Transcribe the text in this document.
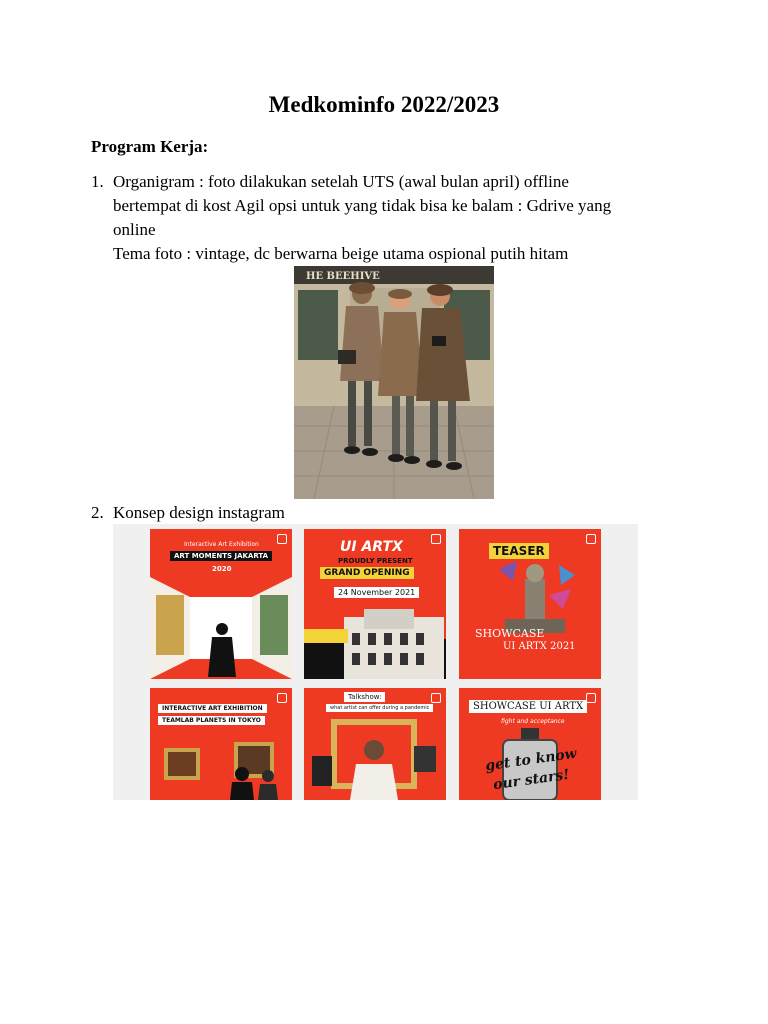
Medkominfo 2022/2023
Program Kerja:
1. Organigram : foto dilakukan setelah UTS (awal bulan april) offline
bertempat di kost Agil opsi untuk yang tidak bisa ke balam : Gdrive yang
online
Tema foto : vintage, dc berwarna beige utama ospional putih hitam
HE BEEHIVE
2. Konsep design instagram
Interactive Art Exhibition
ART MOMENTS JAKARTA
2020
UI ARTX
PROUDLY PRESENT
GRAND OPENING
24 November 2021
TEASER
SHOWCASE
UI ARTX 2021
INTERACTIVE ART EXHIBITION
TEAMLAB PLANETS IN TOKYO
Talkshow:
what artist can offer during a pandemic	SHOWCASE UI ARTX
fight and acceptance
get to know
our stars!
